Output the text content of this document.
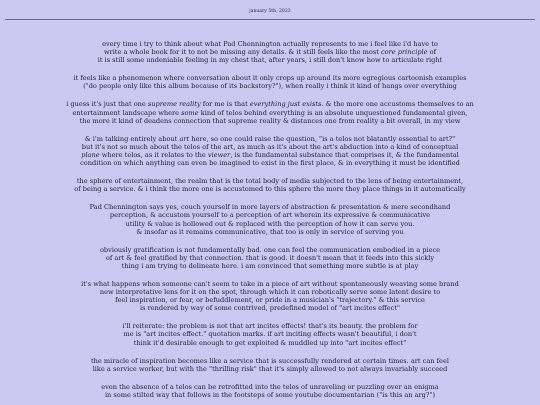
january 5th, 2023
every time i try to think about what Pad Chennington actually represents to me i feel like i'd have to
write a whole book for it to not be missing any details. & it still feels like the most core principle of
it is still some undeniable feeling in my chest that, after years, i still don't know how to articulate right
it feels like a phenomenon where conversation about it only crops up around its more egregious cartoonish examples
("do people only like this album because of its backstory?"), when really i think it kind of hangs over everything
i guess it's just that one supreme reality for me is that everything just exists. & the more one accustoms themselves to an
entertainment landscape where some kind of telos behind everything is an absolute unquestioned fundamental given,
the more it kind of deadens connection that supreme reality & distances one from reality a bit overall, in my view
& i'm talking entirely about art here, so one could raise the question, "is a telos not blatantly essential to art?"
but it's not so much about the telos of the art, as much as it's about the art's abduction into a kind of conceptual
plane where telos, as it relates to the viewer, is the fundamental substance that comprises it, & the fundamental
condition on which anything can even be imagined to exist in the first place, & in everything it must be identified
the sphere of entertainment, the realm that is the total body of media subjected to the lens of being entertainment,
of being a service. & i think the more one is accustomed to this sphere the more they place things in it automatically
Pad Chennington says yes, couch yourself in more layers of abstraction & presentation & mere secondhand
perception, & accustom yourself to a perception of art wherein its expressive & communicative
utility & value is hollowed out & replaced with the perception of how it can serve you.
& insofar as it remains communicative, that too is only in service of serving you
obviously gratification is not fundamentally bad. one can feel the communication embodied in a piece
of art & feel gratified by that connection. that is good. it doesn't mean that it feeds into this sickly
thing i am trying to delineate here. i am convinced that something more subtle is at play
it's what happens when someone can't seem to take in a piece of art without spontaneously weaving some brand
new interpretative lens for it on the spot, through which it can robotically serve some latent desire to
feel inspiration, or fear, or befuddlement, or pride in a musician's "trajectory." & this service
is rendered by way of some contrived, predefined model of "art incites effect"
i'll reiterate: the problem is not that art incites effects! that's its beauty. the problem for
me is "art incites effect." quotation marks. if art inciting effects wasn't beautiful, i don't
think it'd desirable enough to get exploited & muddled up into "art incites effect"
the miracle of inspiration becomes like a service that is successfully rendered at certain times. art can feel
like a service worker, but with the "thrilling risk" that it's simply allowed to not always invariably succeed
even the absence of a telos can be retrofitted into the telos of unraveling or puzzling over an enigma
in some stilted way that follows in the footsteps of some youtube documentarian ("is this an arg?")
